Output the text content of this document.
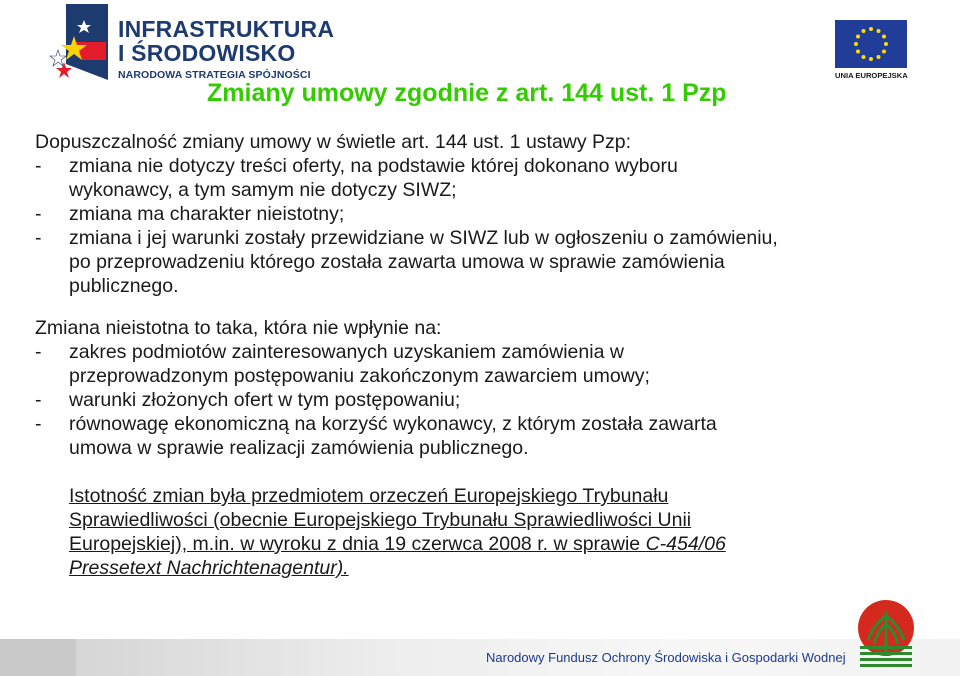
INFRASTRUKTURA
I ŚRODOWISKO
NARODOWA STRATEGIA SPÓJNOŚCI	UNIA EUROPEJSKA
Zmiany umowy zgodnie z art. 144 ust. 1 Pzp

Dopuszczalność zmiany umowy w świetle art. 144 ust. 1 ustawy Pzp:

- zmiana nie dotyczy treści oferty, na podstawie której dokonano wyboru
wykonawcy, a tym samym nie dotyczy SIWZ;
- zmiana ma charakter nieistotny;
- zmiana i jej warunki zostały przewidziane w SIWZ lub w ogłoszeniu o zamówieniu,
po przeprowadzeniu którego została zawarta umowa w sprawie zamówienia
publicznego.

Zmiana nieistotna to taka, która nie wpłynie na:

- zakres podmiotów zainteresowanych uzyskaniem zamówienia w
przeprowadzonym postępowaniu zakończonym zawarciem umowy;
- warunki złożonych ofert w tym postępowaniu;
- równowagę ekonomiczną na korzyść wykonawcy, z którym została zawarta
umowa w sprawie realizacji zamówienia publicznego.
Istotność zmian była przedmiotem orzeczeń Europejskiego Trybunału
Sprawiedliwości (obecnie Europejskiego Trybunału Sprawiedliwości Unii
Europejskiej), m.in. w wyroku z dnia 19 czerwca 2008 r. w sprawie C-454/06
Pressetext Nachrichtenagentur).
Narodowy Fundusz Ochrony Środowiska i Gospodarki Wodnej
